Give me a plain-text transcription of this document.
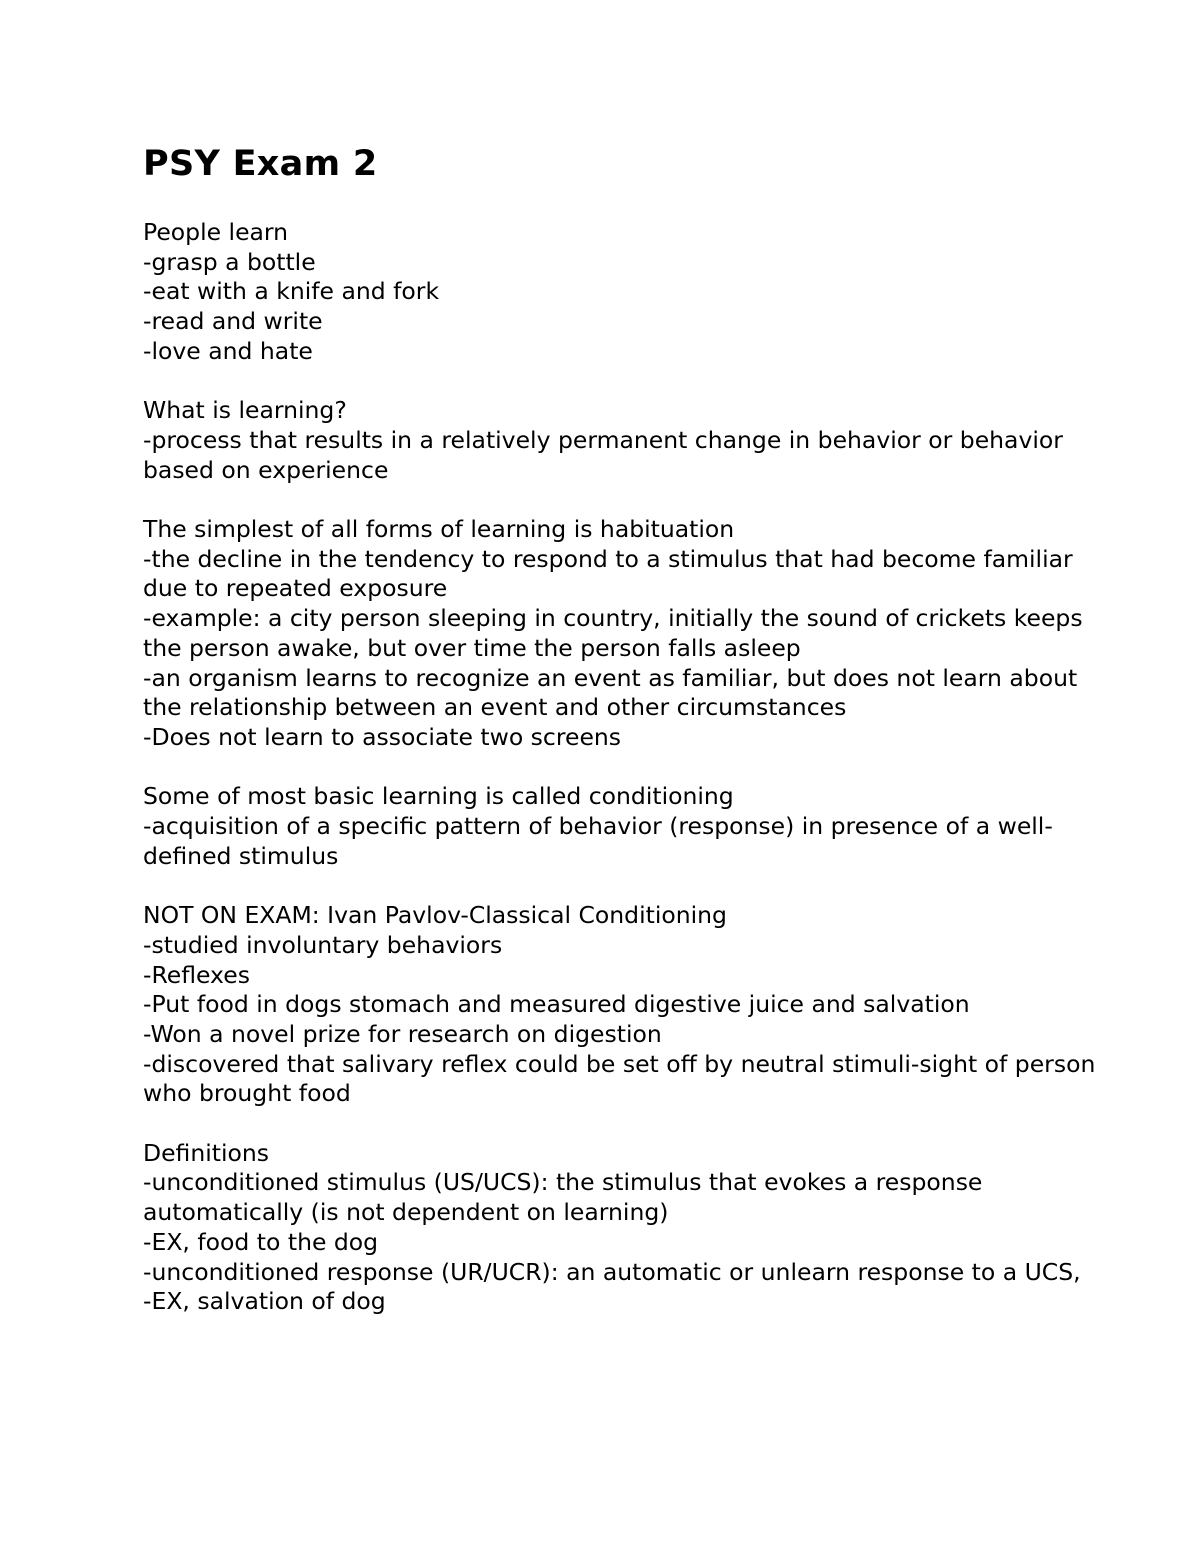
PSY Exam 2

People learn

-grasp a bottle

-eat with a knife and fork

-read and write

-love and hate

What is learning?

-process that results in a relatively permanent change in behavior or behavior based on experience

The simplest of all forms of learning is habituation

-the decline in the tendency to respond to a stimulus that had become familiar due to repeated exposure

-example: a city person sleeping in country, initially the sound of crickets keeps the person awake, but over time the person falls asleep

-an organism learns to recognize an event as familiar, but does not learn about the relationship between an event and other circumstances

-Does not learn to associate two screens

Some of most basic learning is called conditioning

-acquisition of a specific pattern of behavior (response) in presence of a well-defined stimulus

NOT ON EXAM: Ivan Pavlov-Classical Conditioning

-studied involuntary behaviors

-Reflexes

-Put food in dogs stomach and measured digestive juice and salvation

-Won a novel prize for research on digestion

-discovered that salivary reflex could be set off by neutral stimuli-sight of person who brought food

Definitions

-unconditioned stimulus (US/UCS): the stimulus that evokes a response automatically (is not dependent on learning)

-EX, food to the dog

-unconditioned response (UR/UCR): an automatic or unlearn response to a UCS,

-EX, salvation of dog
